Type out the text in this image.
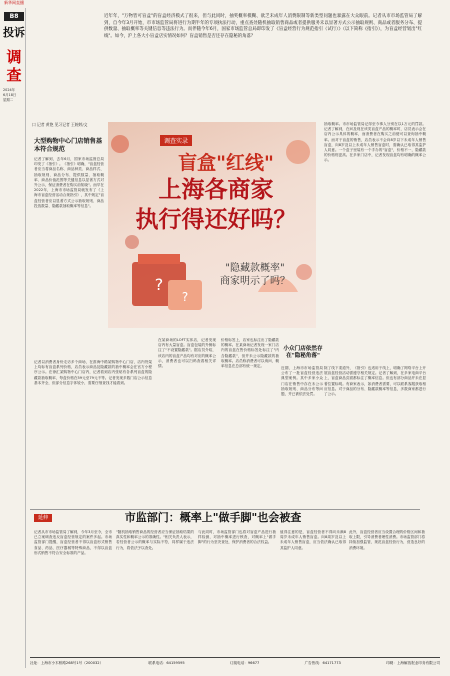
新华网直播
B8
投诉
调查
2024年
6月18日
星期二
近年年，"万物皆可盲盒"的盲盒经济模式了很来，但与此同时，抽奖概率模糊、欲乏未成年人消费限制等新类型问题也暴露在大众眼前。记者从市市场监管局了解到，自今年3月开始，市市场监管局将进行为期半年的专项执法行动，重点查处随机抽取销售商品或者提供服务未以显著方式公示抽取规则、商品或者服务分布、提供数量、抽取概率等关键信息等违法行为。而伴随今年6月，国家市场监管总局即印发了《盲盒经营行为规范指引（试行）》（以下简称《指引》），为盲盒经营划出"红线"。如今，沪上各大小盲盒店实情况如何？盲盒销售是否还存在隐秘的角落？
口 记者 黄艳 见习记者 王婉婷/文
大型购物中心门店销售基本符合规范
记者了解到，去年6月，国家市场监督总局印发了《指引》。《指引》明确，"盲盒经营者应当将商品名称、商品种类、商品样式、抽取规则、商品分布、提供数量、抽取概率、商品价值范围等关键信息以显著方式对外公示，保证消费者在购买前知晓"。而早在2022年，上海市市场监管局就发布了《上海市盲盒经营活动合规指引》，其中规定"盲盒经营者应以显著方式公示抽取规则、商品投放数量、隐藏款抽取概率等信息"。
记者以消费者身份走访多个商场，在淮海中路某购物中心门店，店内货架上均标有盲盒系列价格，店员表示商品及隐藏款的抽中概率会在官方小程序公示。在徐汇某购物中心门店内，记者看到店内张贴有各系列盲盒的隐藏款抽取概率，每盒价格在59元至79元不等。记者发现多数门店公示信息基本齐全，但部分信息字体较小，需要仔细查找才能看到。
?
?
调查实录
盲盒"红线"
上海各商家
执行得还好吗？
"隐藏款概率"
商家明示了吗？
抽取概率。市市场监管局记得至今事人分别在以1万元的罚款。记者了解到，在问及现在该类盲盒产品的概率时，店员表示会在店内公示具体的概率，而消费者在购买之前便可以查询抽中概率。而对于盲盒的销售，店员表示不会向8岁以下未成年人销售盲盒，向8岁及以上未成年人销售盲盒时，需确认已取得其监护人同意。一个盒子里装有一个手办的"盲盒"，价格不一，隐藏款的价格则更高。在多家门店中，记者发现盲盒均有明确的概率公示。
除了线下渠道外，《指引》也适用于线上，明确了网络平台上开展盲盒经营活动需遵守相关规定。记者了解到，在多家电商平台上，盲盒商品页面都标注了概率信息。但也有部分商品并未在显著位置标明。有商家表示，如消费者需要，可以联系客服获取相应信息。对于商品的分布、隐藏款概率等信息，多数商家都进行了公示。
在某商场的LOFT实体店，记者发现店内有大量盲盒。盲盒包装的外侧标注了"不设置隐藏款"。据店员介绍，该店内的盲盒产品均有对应的概率公示，消费者也可以扫码查看相关详情。
价格标签上，店家也标注出了隐藏款的概率。在某商场记者发现一家门店内的盲盒在售价格标签处标注了"内含隐藏款"，但并未公示隐藏款的抽取概率。店员称消费者可以询问，概率信息在总部有统一规定。
小众门店依然存在"隐秘角落"
近期，上海市市场监管局公布了一批盲盒经营违法典型案例。其中多家小众门店在销售中存在未公示抽取规则、商品分布等问题，并已被依法处罚。
延伸	市监部门：概率上"做手脚"也会被查
记者从市市场监管局了解到，今年3月至今，全市已立案调查违反盲盒经营规定的案件多起。市场监管部门提醒，盲盒经营者不得以盲盒形式销售食品、药品、医疗器械等特殊商品，不得以盲盒形式销售不符合安全标准的产品。
"随机抽取销售商品的经营者应当保证抽取结果的真实性和概率公示的准确性。"相关负责人表示，若经营者公示的概率与实际不符，同样属于违法行为，将依法予以查处。
与此同时，市场监管部门也将对盲盒产品进行抽样检测，对抽中概率进行核查，对概率上"做手脚"的行为坚决查处，保护消费者的合法权益。
值得注意的是，盲盒经营者不得向未满8周岁未成年人销售盲盒。向8周岁及以上未成年人销售盲盒，应当依法确认已取得其监护人同意。
此外，盲盒经营者应当设置合理的价格区间和抽取上限，引导消费者理性消费。市场监管部门将持续加强监管，规范盲盒经营行为，营造良好的消费环境。
社址：上海市小木桥路268号1号（200032）	联系电话：64159595	订阅电话：96677	广告热线：64171773	印刷：上海解放报业印务有限公司
